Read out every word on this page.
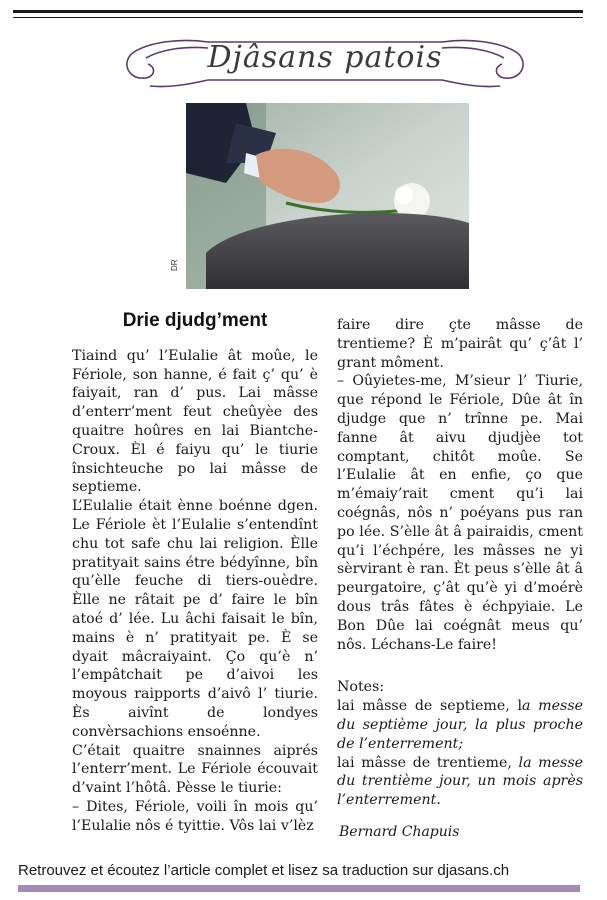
Djâsans patois
DR
Drie djudg’ment

Tiaind qu’ l’Eulalie ât moûe, le Fériole, son hanne, é fait ç’ qu’ è faiyait, ran d’ pus. Lai mâsse d’enterr’ment feut cheûyèe des quaitre hoûres en lai Biantche-Croux. Èl é faiyu qu’ le tiurie însichteuche po lai mâsse de septieme.

L’Eulalie était ènne boénne dgen. Le Fériole èt l’Eulalie s’entendînt chu tot safe chu lai religion. Èlle pratityait sains étre bédyînne, bîn qu’èlle feuche di tiers-ouèdre. Èlle ne râtait pe d’ faire le bîn atoé d’ lée. Lu âchi faisait le bîn, mains è n’ pratityait pe. È se dyait mâcraiyaint. Ço qu’è n’ l’empâtchait pe d’aivoi les moyous raipports d’aivô l’ tiurie. Ès aivînt de londyes convèrsachions ensoénne.

C’était quaitre snainnes aiprés l’enterr’ment. Le Fériole écouvait d’vaint l’hôtâ. Pèsse le tiurie:

– Dites, Fériole, voili în mois qu’ l’Eulalie nôs é tyittie. Vôs lai v’lèz

faire dire çte mâsse de trentieme? È m’pairât qu’ ç’ât l’ grant môment.

– Oûyietes-me, M’sieur l’ Tiurie, que répond le Fériole, Dûe ât în djudge que n’ trînne pe. Mai fanne ât aivu djudjèe tot comptant, chitôt moûe. Se l’Eulalie ât en enfie, ço que m’émaiy’rait cment qu’i lai coégnâs, nôs n’ poéyans pus ran po lée. S’èlle ât â pairaidis, cment qu’i l’échpére, les mâsses ne yi sèrvirant è ran. Èt peus s’èlle ât â peurgatoire, ç’ât qu’è yi d’moérè dous trâs fâtes è échpyiaie. Le Bon Dûe lai coégnât meus qu’ nôs. Léchans-Le faire!

Notes:

lai mâsse de septieme, la messe du septième jour, la plus proche de l’enterrement;

lai mâsse de trentieme, la messe du trentième jour, un mois après l’enterrement.

Bernard Chapuis
Retrouvez et écoutez l’article complet et lisez sa traduction sur djasans.ch
